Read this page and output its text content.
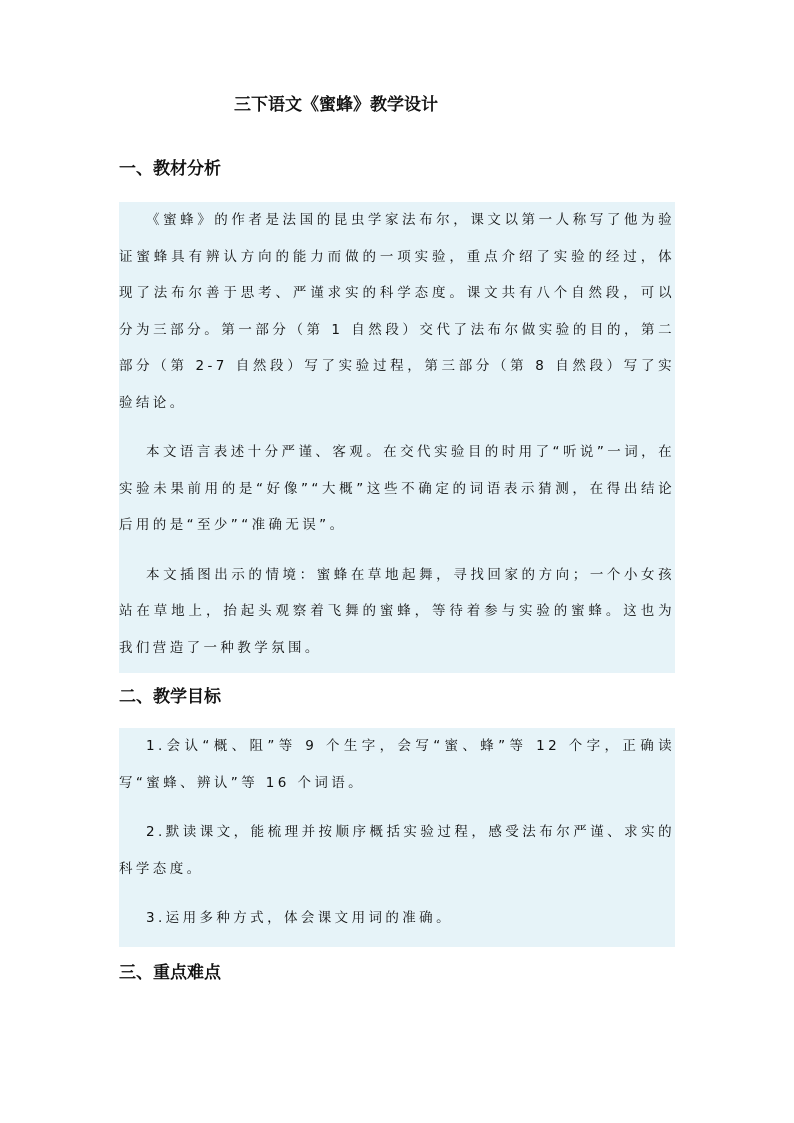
三下语文《蜜蜂》教学设计
一、教材分析

《蜜蜂》的作者是法国的昆虫学家法布尔，课文以第一人称写了他为验证蜜蜂具有辨认方向的能力而做的一项实验，重点介绍了实验的经过，体现了法布尔善于思考、严谨求实的科学态度。课文共有八个自然段，可以分为三部分。第一部分（第 1 自然段）交代了法布尔做实验的目的，第二部分（第 2-7 自然段）写了实验过程，第三部分（第 8 自然段）写了实验结论。

本文语言表述十分严谨、客观。在交代实验目的时用了“听说”一词，在实验未果前用的是“好像”“大概”这些不确定的词语表示猜测，在得出结论后用的是“至少”“准确无误”。

本文插图出示的情境：蜜蜂在草地起舞，寻找回家的方向；一个小女孩站在草地上，抬起头观察着飞舞的蜜蜂，等待着参与实验的蜜蜂。这也为我们营造了一种教学氛围。

二、教学目标

1.会认“概、阻”等 9 个生字，会写“蜜、蜂”等 12 个字，正确读写“蜜蜂、辨认”等 16 个词语。

2.默读课文，能梳理并按顺序概括实验过程，感受法布尔严谨、求实的科学态度。

3.运用多种方式，体会课文用词的准确。

三、重点难点
